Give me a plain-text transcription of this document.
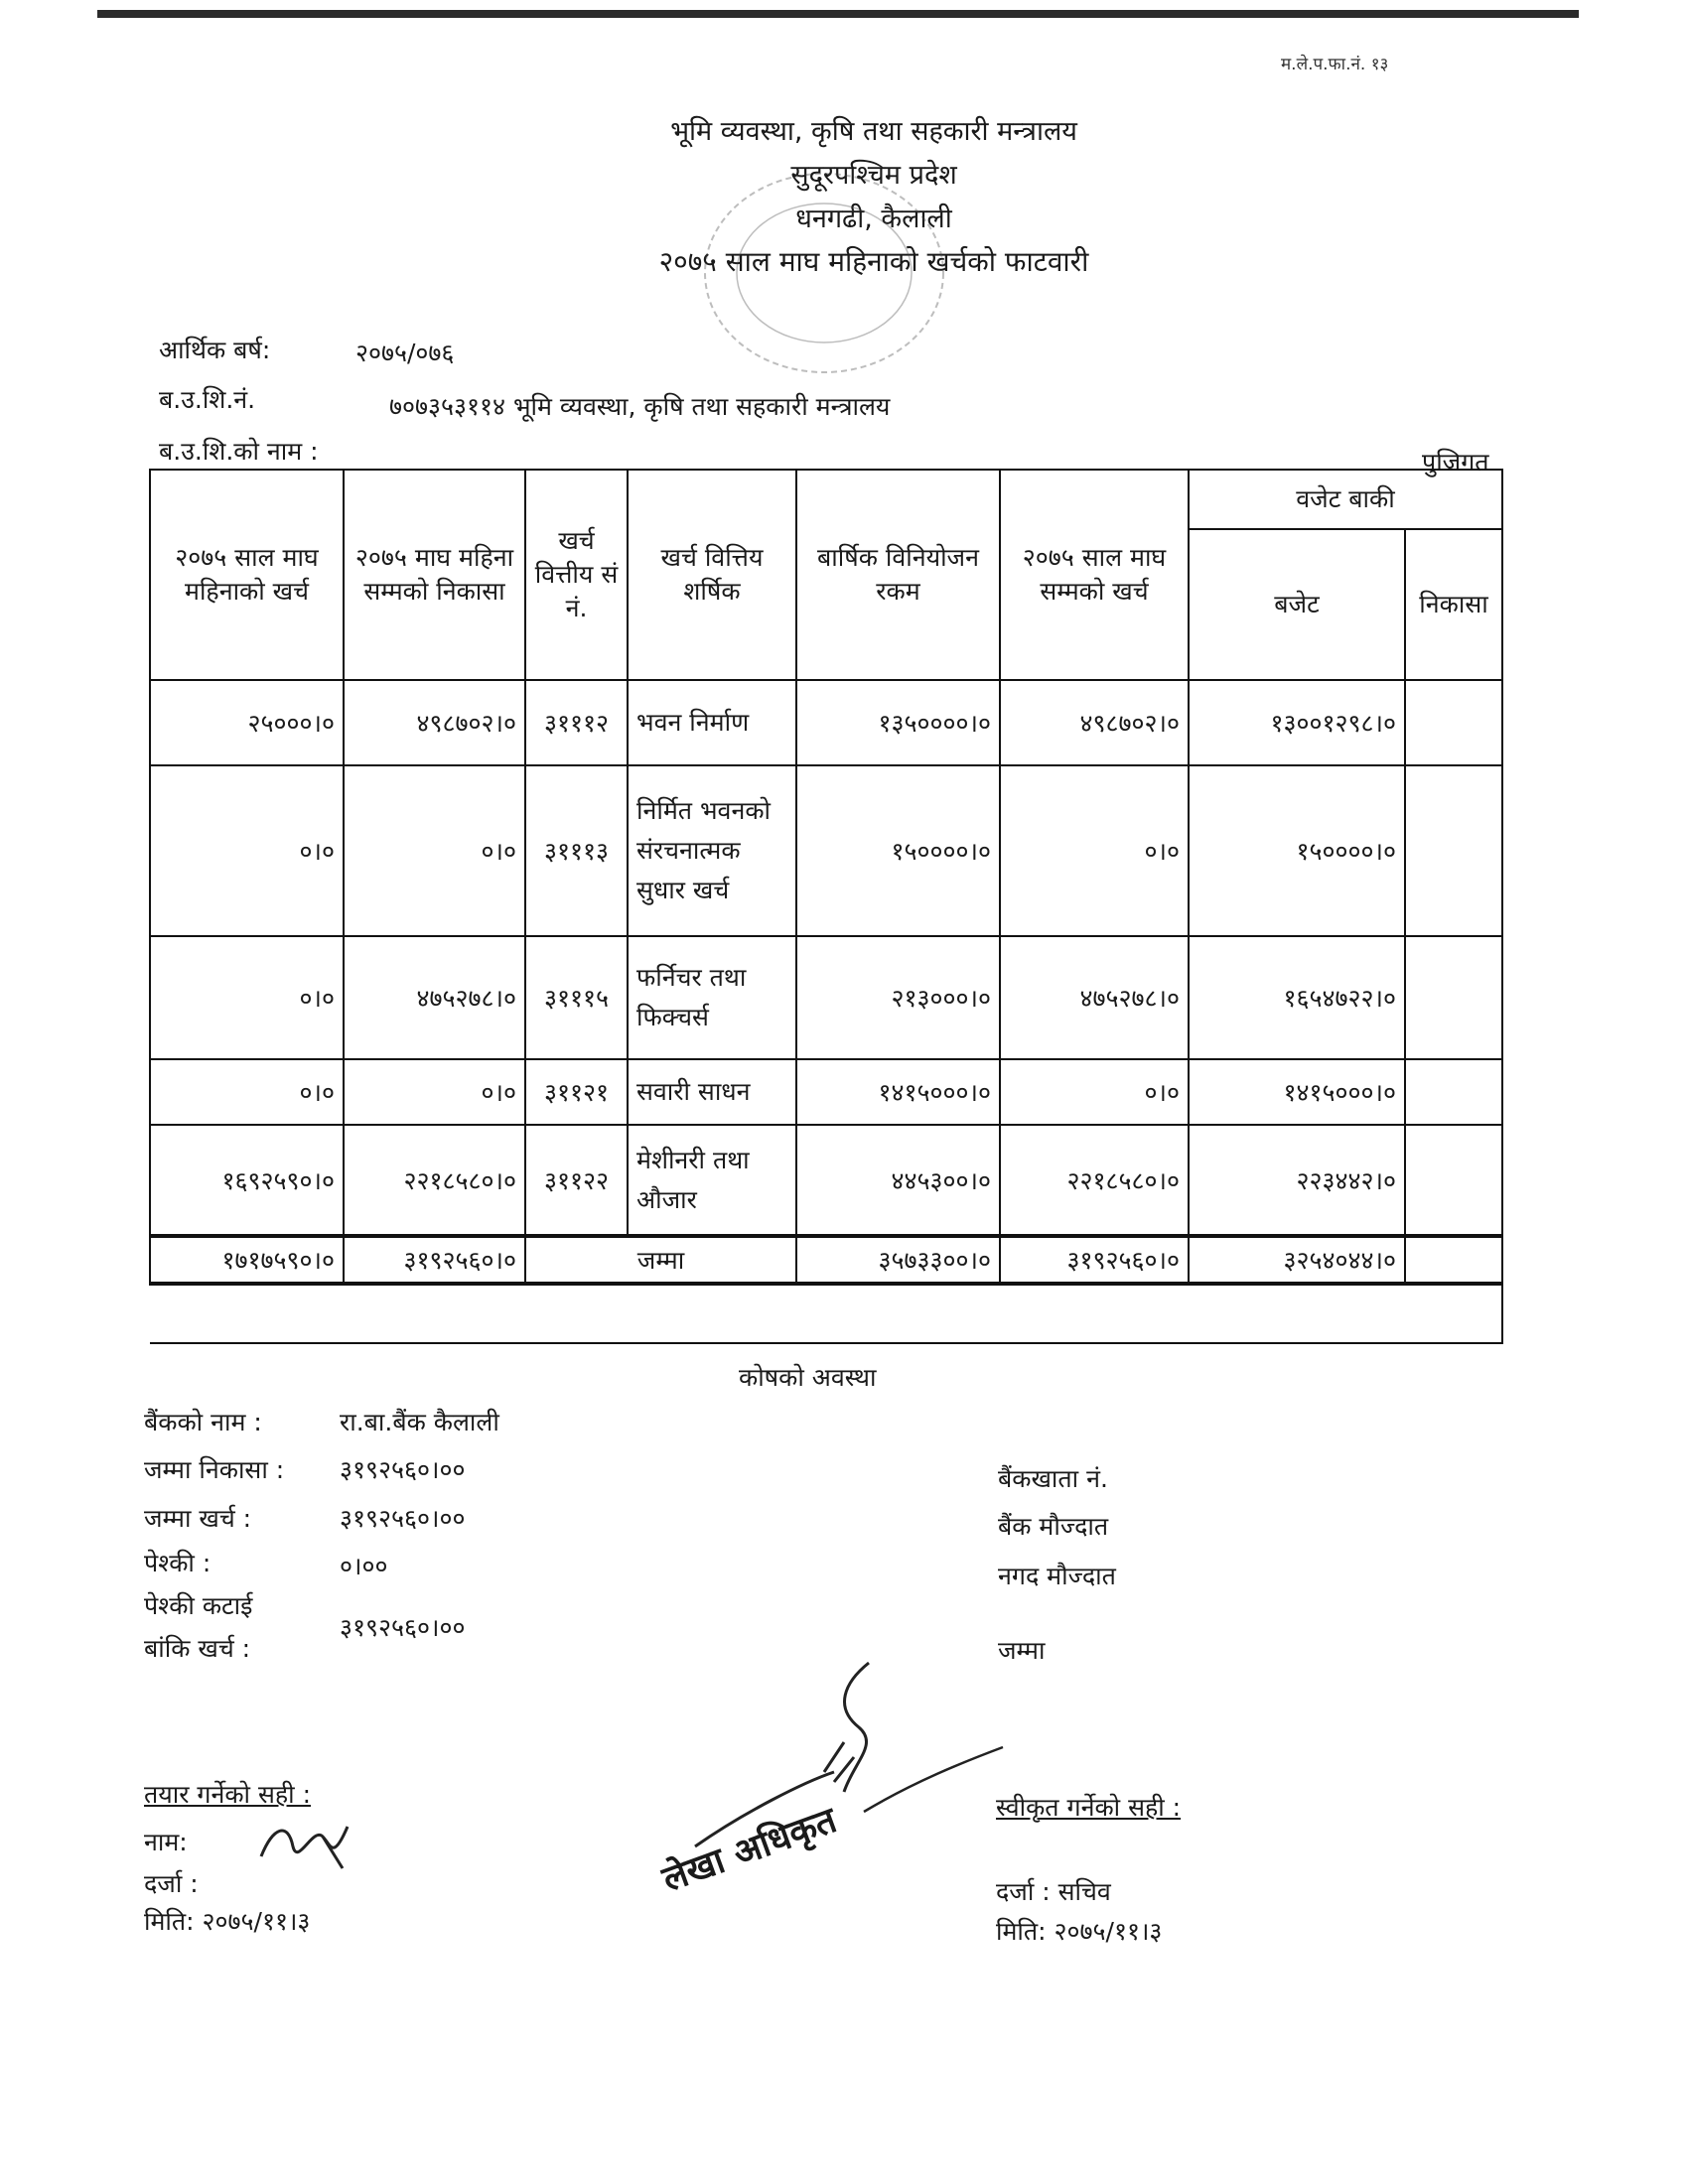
म.ले.प.फा.नं. १३
भूमि व्यवस्था, कृषि तथा सहकारी मन्त्रालय
सुदूरपश्चिम प्रदेश
धनगढी, कैलाली
२०७५ साल माघ महिनाको खर्चको फाटवारी
आर्थिक बर्ष:	२०७५/०७६
ब.उ.शि.नं.	७०७३५३११४ भूमि व्यवस्था, कृषि तथा सहकारी मन्त्रालय
ब.उ.शि.को नाम :	पुजिगत
२०७५ साल माघ महिनाको खर्च	२०७५ माघ महिना सम्मको निकासा	खर्च वित्तीय सं नं.	खर्च वित्तिय शर्षिक	बार्षिक विनियोजन रकम	२०७५ साल माघ सम्मको खर्च	वजेट बाकी	
						बजेट	निकासा
२५०००।०	४९८७०२।०	३१११२	भवन निर्माण	१३५००००।०	४९८७०२।०	१३००१२९८।०	
०।०	०।०	३१११३	निर्मित भवनको संरचनात्मक सुधार खर्च	१५००००।०	०।०	१५००००।०	
०।०	४७५२७८।०	३१११५	फर्निचर तथा फिक्चर्स	२१३०००।०	४७५२७८।०	१६५४७२२।०	
०।०	०।०	३११२१	सवारी साधन	१४१५०००।०	०।०	१४१५०००।०	
१६९२५९०।०	२२१८५८०।०	३११२२	मेशीनरी तथा औजार	४४५३००।०	२२१८५८०।०	२२३४४२।०	
१७१७५९०।०	३१९२५६०।०	जम्मा		३५७३३००।०	३१९२५६०।०	३२५४०४४।०	

कोषको अवस्था
बैंकको नाम :	रा.बा.बैंक कैलाली
जम्मा निकासा : ३१९२५६०।००
जम्मा खर्च :	३१९२५६०।००
पेश्की :	०।००
पेश्की कटाई
बांकि खर्च :
३१९२५६०।००
बैंकखाता नं.
बैंक मौज्दात
नगद मौज्दात
जम्मा
तयार गर्नेको सही :
नाम:
दर्जा :
मिति: २०७५/११।३
लेखा अधिकृत	स्वीकृत गर्नेको सही :
दर्जा : सचिव
मिति: २०७५/११।३
